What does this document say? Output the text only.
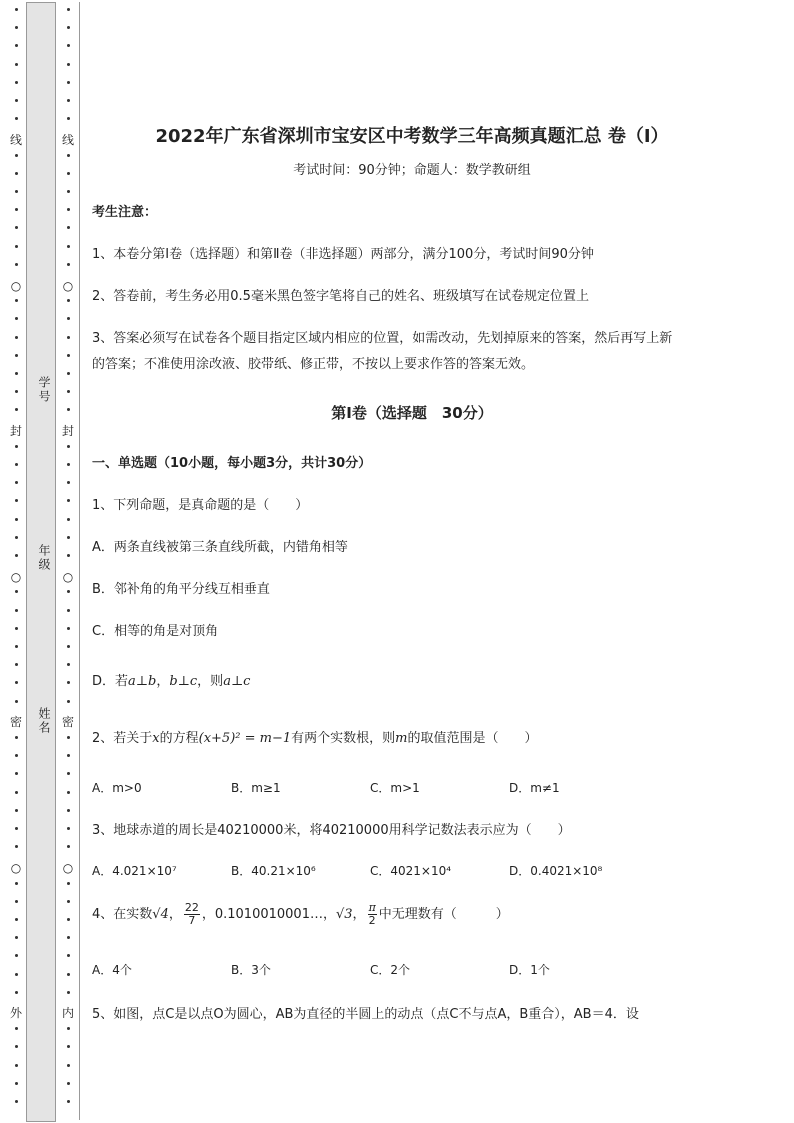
线
○
封
○
密
○
外
线
○
封
○
密
○
内
学号
年级
姓名
2022年广东省深圳市宝安区中考数学三年高频真题汇总 卷（Ⅰ）
考试时间：90分钟；命题人：数学教研组
考生注意：
1、本卷分第Ⅰ卷（选择题）和第Ⅱ卷（非选择题）两部分，满分100分，考试时间90分钟
2、答卷前，考生务必用0.5毫米黑色签字笔将自己的姓名、班级填写在试卷规定位置上
3、答案必须写在试卷各个题目指定区域内相应的位置，如需改动，先划掉原来的答案，然后再写上新
的答案；不准使用涂改液、胶带纸、修正带，不按以上要求作答的答案无效。
第Ⅰ卷（选择题　30分）
一、单选题（10小题，每小题3分，共计30分）
1、下列命题，是真命题的是（　　）
A．两条直线被第三条直线所截，内错角相等
B．邻补角的角平分线互相垂直
C．相等的角是对顶角
D．若a⊥b，b⊥c，则a⊥c
2、若关于x的方程(x+5)² = m−1有两个实数根，则m的取值范围是（　　）
A．m>0	B．m≥1	C．m>1	D．m≠1
3、地球赤道的周长是40210000米，将40210000用科学记数法表示应为（　　）
A．4.021×10⁷	B．40.21×10⁶	C．4021×10⁴	D．0.4021×10⁸
4、在实数√4， $\frac{22}{7}$ ，0.1010010001…，√3， $\frac{\pi}{2}$ 中无理数有（　　　）
A．4个	B．3个	C．2个	D．1个
5、如图，点C是以点O为圆心，AB为直径的半圆上的动点（点C不与点A，B重合），AB＝4．设
